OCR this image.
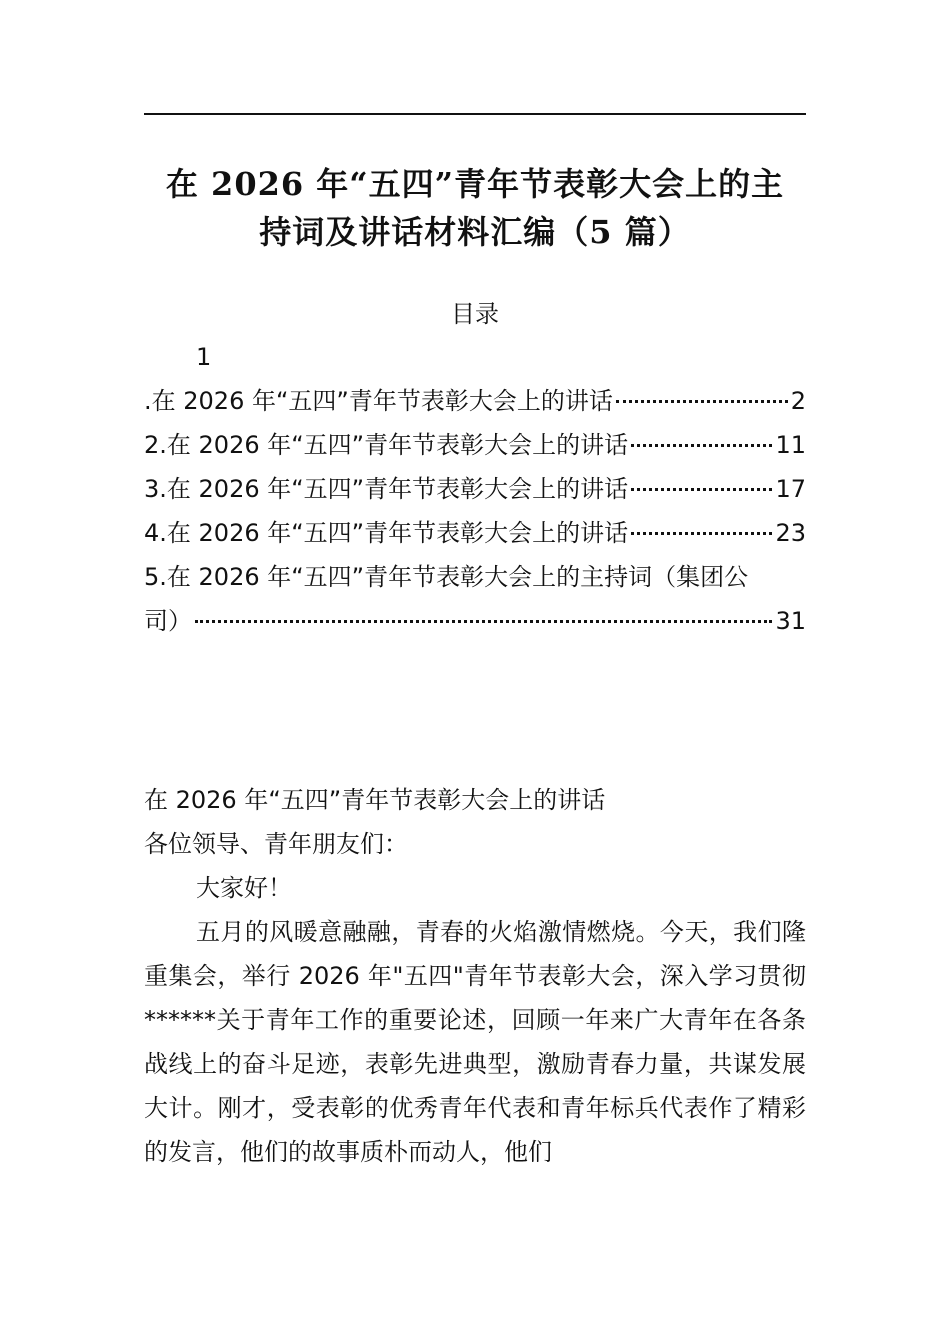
在 2026 年“五四”青年节表彰大会上的主
持词及讲话材料汇编（5 篇）
目录
1
.在 2026 年“五四”青年节表彰大会上的讲话	2
2.在 2026 年“五四”青年节表彰大会上的讲话	11
3.在 2026 年“五四”青年节表彰大会上的讲话	17
4.在 2026 年“五四”青年节表彰大会上的讲话	23
5.在 2026 年“五四”青年节表彰大会上的主持词（集团公
司）	31

在 2026 年“五四”青年节表彰大会上的讲话

各位领导、青年朋友们：

大家好！

五月的风暖意融融，青春的火焰激情燃烧。今天，我们隆重集会，举行 2026 年"五四"青年节表彰大会，深入学习贯彻******关于青年工作的重要论述，回顾一年来广大青年在各条战线上的奋斗足迹，表彰先进典型，激励青春力量，共谋发展大计。刚才，受表彰的优秀青年代表和青年标兵代表作了精彩的发言，他们的故事质朴而动人，他们
